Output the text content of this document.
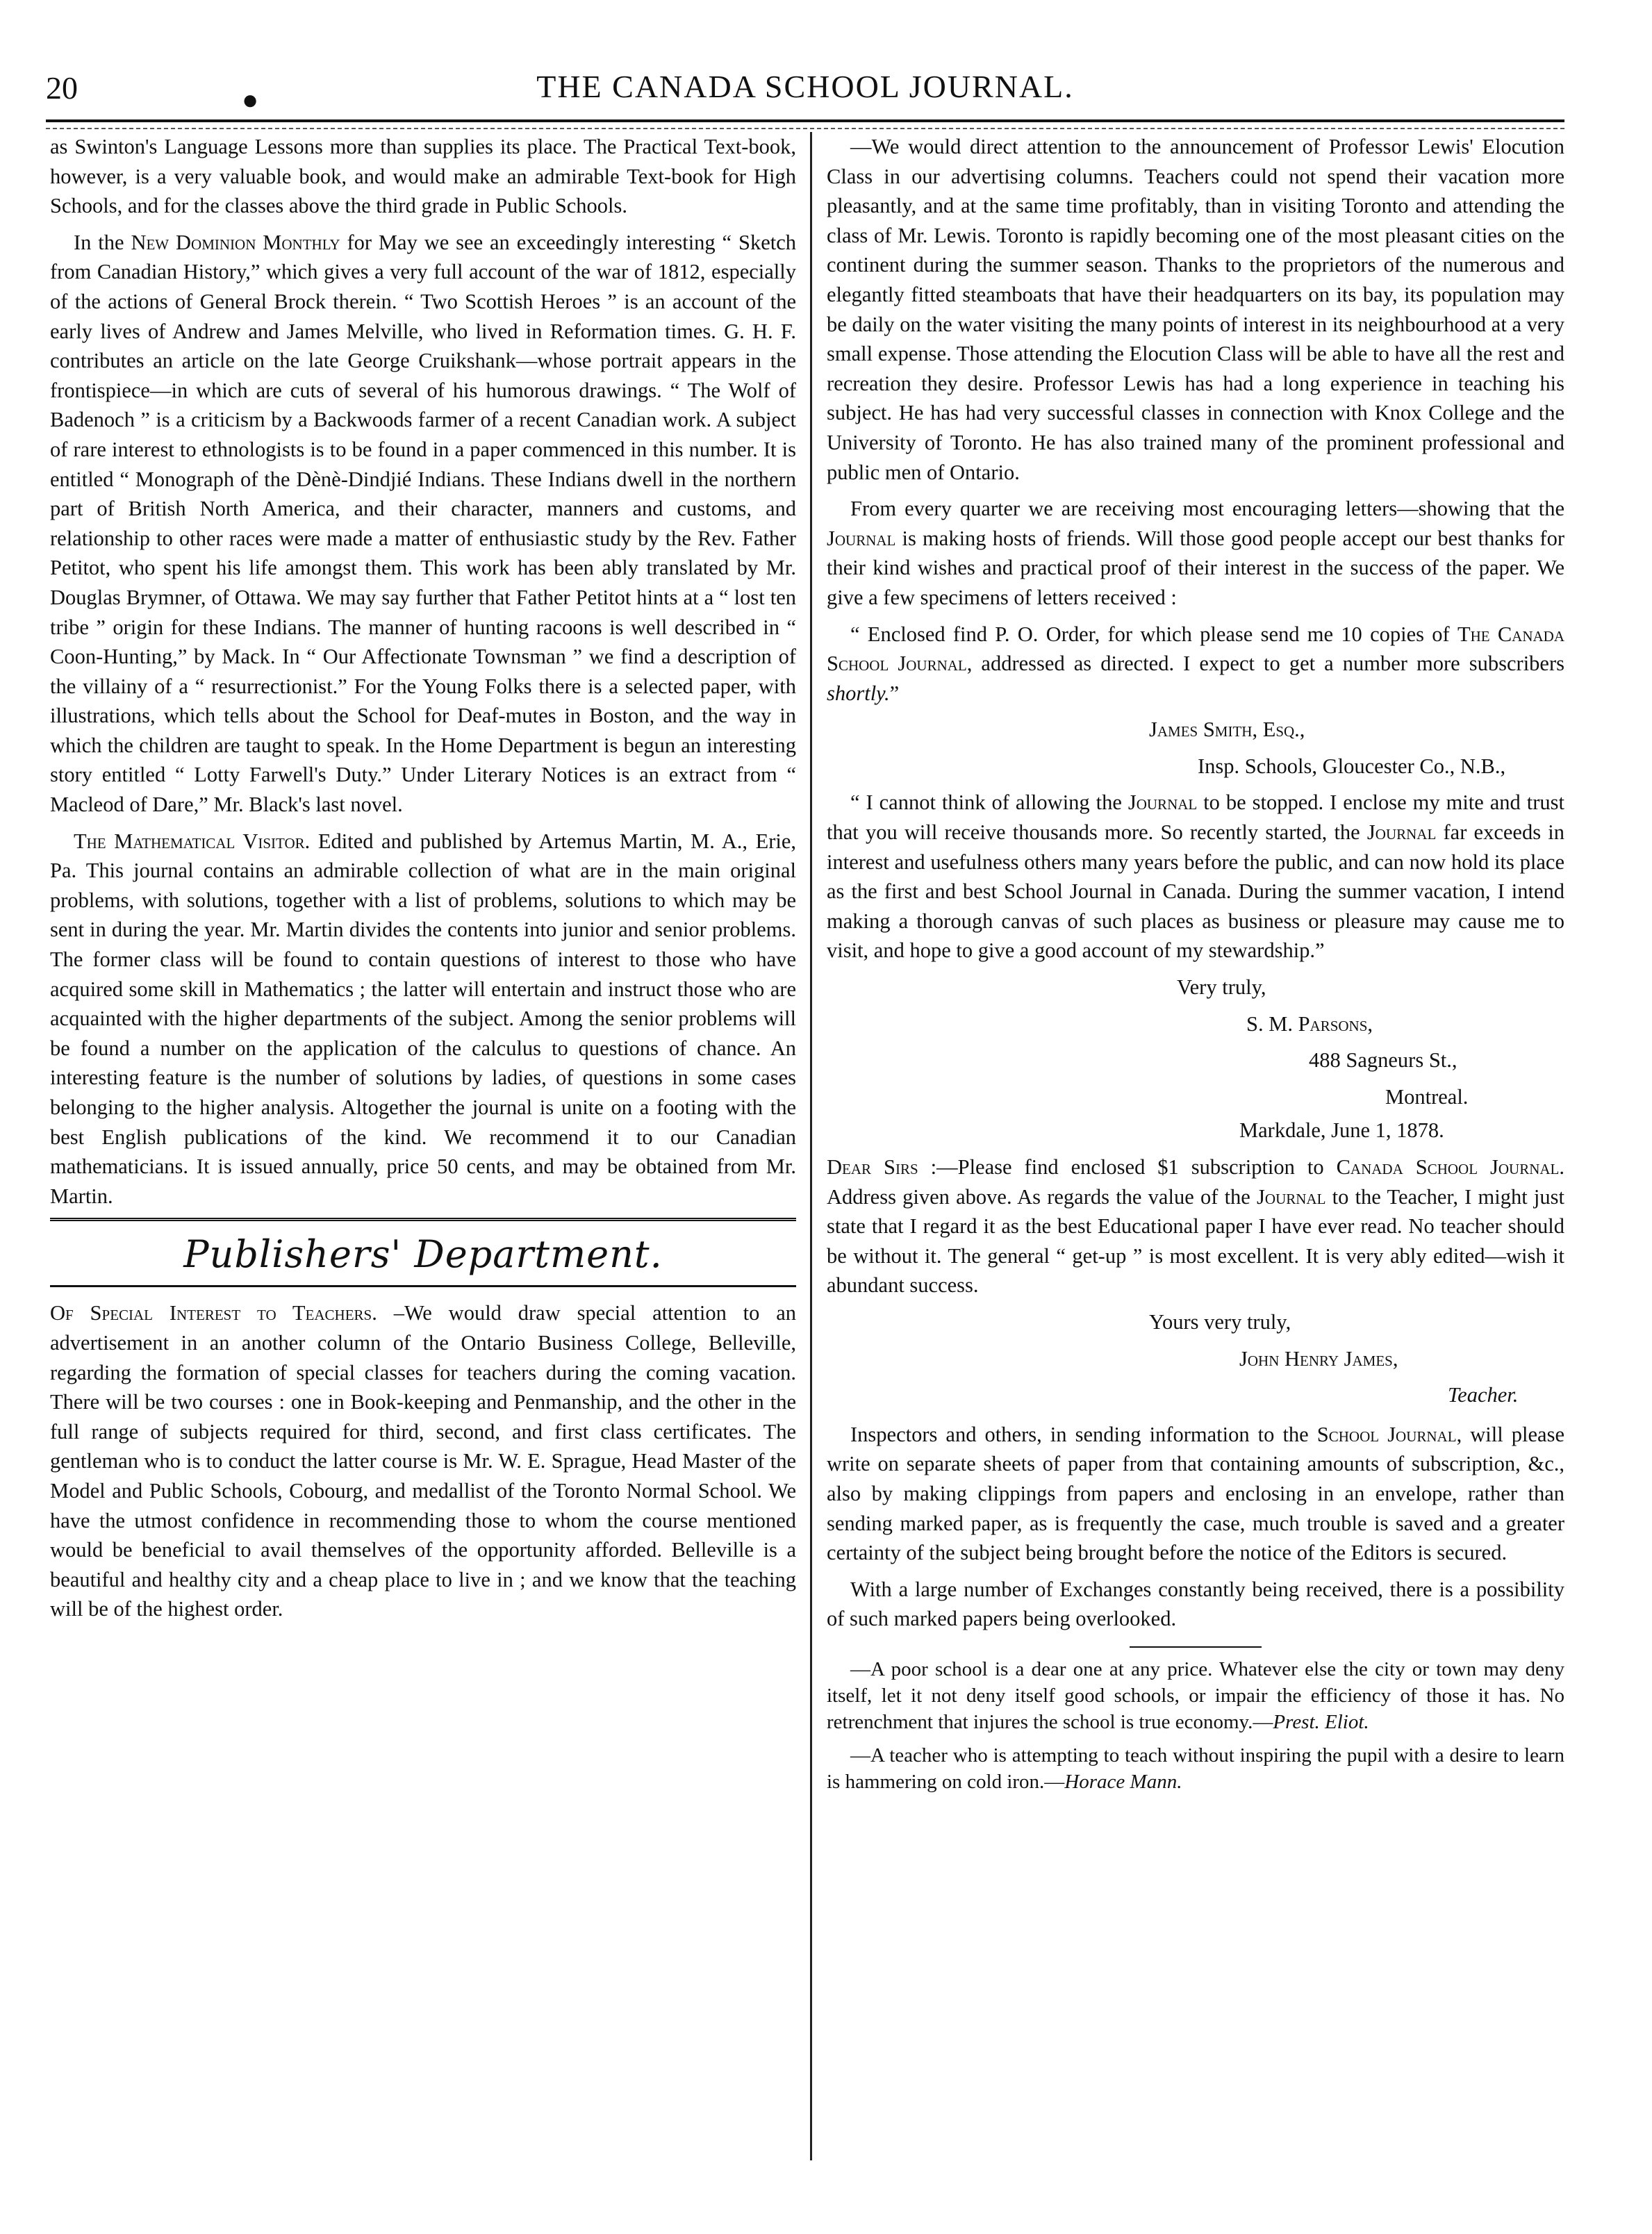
20	●	THE CANADA SCHOOL JOURNAL.

as Swinton's Language Lessons more than supplies its place. The Practical Text-book, however, is a very valuable book, and would make an admirable Text-book for High Schools, and for the classes above the third grade in Public Schools.

In the New Dominion Monthly for May we see an exceedingly interesting “ Sketch from Canadian History,” which gives a very full account of the war of 1812, especially of the actions of General Brock therein. “ Two Scottish Heroes ” is an account of the early lives of Andrew and James Melville, who lived in Reformation times. G. H. F. contributes an article on the late George Cruikshank—whose portrait appears in the frontispiece—in which are cuts of several of his humorous drawings. “ The Wolf of Badenoch ” is a criticism by a Backwoods farmer of a recent Canadian work. A subject of rare interest to ethnologists is to be found in a paper commenced in this number. It is entitled “ Monograph of the Dènè-Dindjié Indians. These Indians dwell in the northern part of British North America, and their character, manners and customs, and relationship to other races were made a matter of enthusiastic study by the Rev. Father Petitot, who spent his life amongst them. This work has been ably translated by Mr. Douglas Brymner, of Ottawa. We may say further that Father Petitot hints at a “ lost ten tribe ” origin for these Indians. The manner of hunting racoons is well described in “ Coon-Hunting,” by Mack. In “ Our Affectionate Townsman ” we find a description of the villainy of a “ resurrectionist.” For the Young Folks there is a selected paper, with illustrations, which tells about the School for Deaf-mutes in Boston, and the way in which the children are taught to speak. In the Home Department is begun an interesting story entitled “ Lotty Farwell's Duty.” Under Literary Notices is an extract from “ Macleod of Dare,” Mr. Black's last novel.

The Mathematical Visitor. Edited and published by Artemus Martin, M. A., Erie, Pa. This journal contains an admirable collection of what are in the main original problems, with solutions, together with a list of problems, solutions to which may be sent in during the year. Mr. Martin divides the contents into junior and senior problems. The former class will be found to contain questions of interest to those who have acquired some skill in Mathematics ; the latter will entertain and instruct those who are acquainted with the higher departments of the subject. Among the senior problems will be found a number on the application of the calculus to questions of chance. An interesting feature is the number of solutions by ladies, of questions in some cases belonging to the higher analysis. Altogether the journal is unite on a footing with the best English publications of the kind. We recommend it to our Canadian mathematicians. It is issued annually, price 50 cents, and may be obtained from Mr. Martin.

Publishers' Department.

Of Special Interest to Teachers. –We would draw special attention to an advertisement in an another column of the Ontario Business College, Belleville, regarding the formation of special classes for teachers during the coming vacation. There will be two courses : one in Book-keeping and Penmanship, and the other in the full range of subjects required for third, second, and first class certificates. The gentleman who is to conduct the latter course is Mr. W. E. Sprague, Head Master of the Model and Public Schools, Cobourg, and medallist of the Toronto Normal School. We have the utmost confidence in recommending those to whom the course mentioned would be beneficial to avail themselves of the opportunity afforded. Belleville is a beautiful and healthy city and a cheap place to live in ; and we know that the teaching will be of the highest order.

—We would direct attention to the announcement of Professor Lewis' Elocution Class in our advertising columns. Teachers could not spend their vacation more pleasantly, and at the same time profitably, than in visiting Toronto and attending the class of Mr. Lewis. Toronto is rapidly becoming one of the most pleasant cities on the continent during the summer season. Thanks to the proprietors of the numerous and elegantly fitted steamboats that have their headquarters on its bay, its population may be daily on the water visiting the many points of interest in its neighbourhood at a very small expense. Those attending the Elocution Class will be able to have all the rest and recreation they desire. Professor Lewis has had a long experience in teaching his subject. He has had very successful classes in connection with Knox College and the University of Toronto. He has also trained many of the prominent professional and public men of Ontario.

From every quarter we are receiving most encouraging letters—showing that the Journal is making hosts of friends. Will those good people accept our best thanks for their kind wishes and practical proof of their interest in the success of the paper. We give a few specimens of letters received :

“ Enclosed find P. O. Order, for which please send me 10 copies of The Canada School Journal, addressed as directed. I expect to get a number more subscribers shortly.”

James Smith, Esq.,

Insp. Schools, Gloucester Co., N.B.,

“ I cannot think of allowing the Journal to be stopped. I enclose my mite and trust that you will receive thousands more. So recently started, the Journal far exceeds in interest and usefulness others many years before the public, and can now hold its place as the first and best School Journal in Canada. During the summer vacation, I intend making a thorough canvas of such places as business or pleasure may cause me to visit, and hope to give a good account of my stewardship.”

Very truly,

S. M. Parsons,

488 Sagneurs St.,

Montreal.

Markdale, June 1, 1878.

Dear Sirs :—Please find enclosed $1 subscription to Canada School Journal. Address given above. As regards the value of the Journal to the Teacher, I might just state that I regard it as the best Educational paper I have ever read. No teacher should be without it. The general “ get-up ” is most excellent. It is very ably edited—wish it abundant success.

Yours very truly,

John Henry James,

Teacher.

Inspectors and others, in sending information to the School Journal, will please write on separate sheets of paper from that containing amounts of subscription, &c., also by making clippings from papers and enclosing in an envelope, rather than sending marked paper, as is frequently the case, much trouble is saved and a greater certainty of the subject being brought before the notice of the Editors is secured.

With a large number of Exchanges constantly being received, there is a possibility of such marked papers being overlooked.

—A poor school is a dear one at any price. Whatever else the city or town may deny itself, let it not deny itself good schools, or impair the efficiency of those it has. No retrenchment that injures the school is true economy.—Prest. Eliot.

—A teacher who is attempting to teach without inspiring the pupil with a desire to learn is hammering on cold iron.—Horace Mann.
